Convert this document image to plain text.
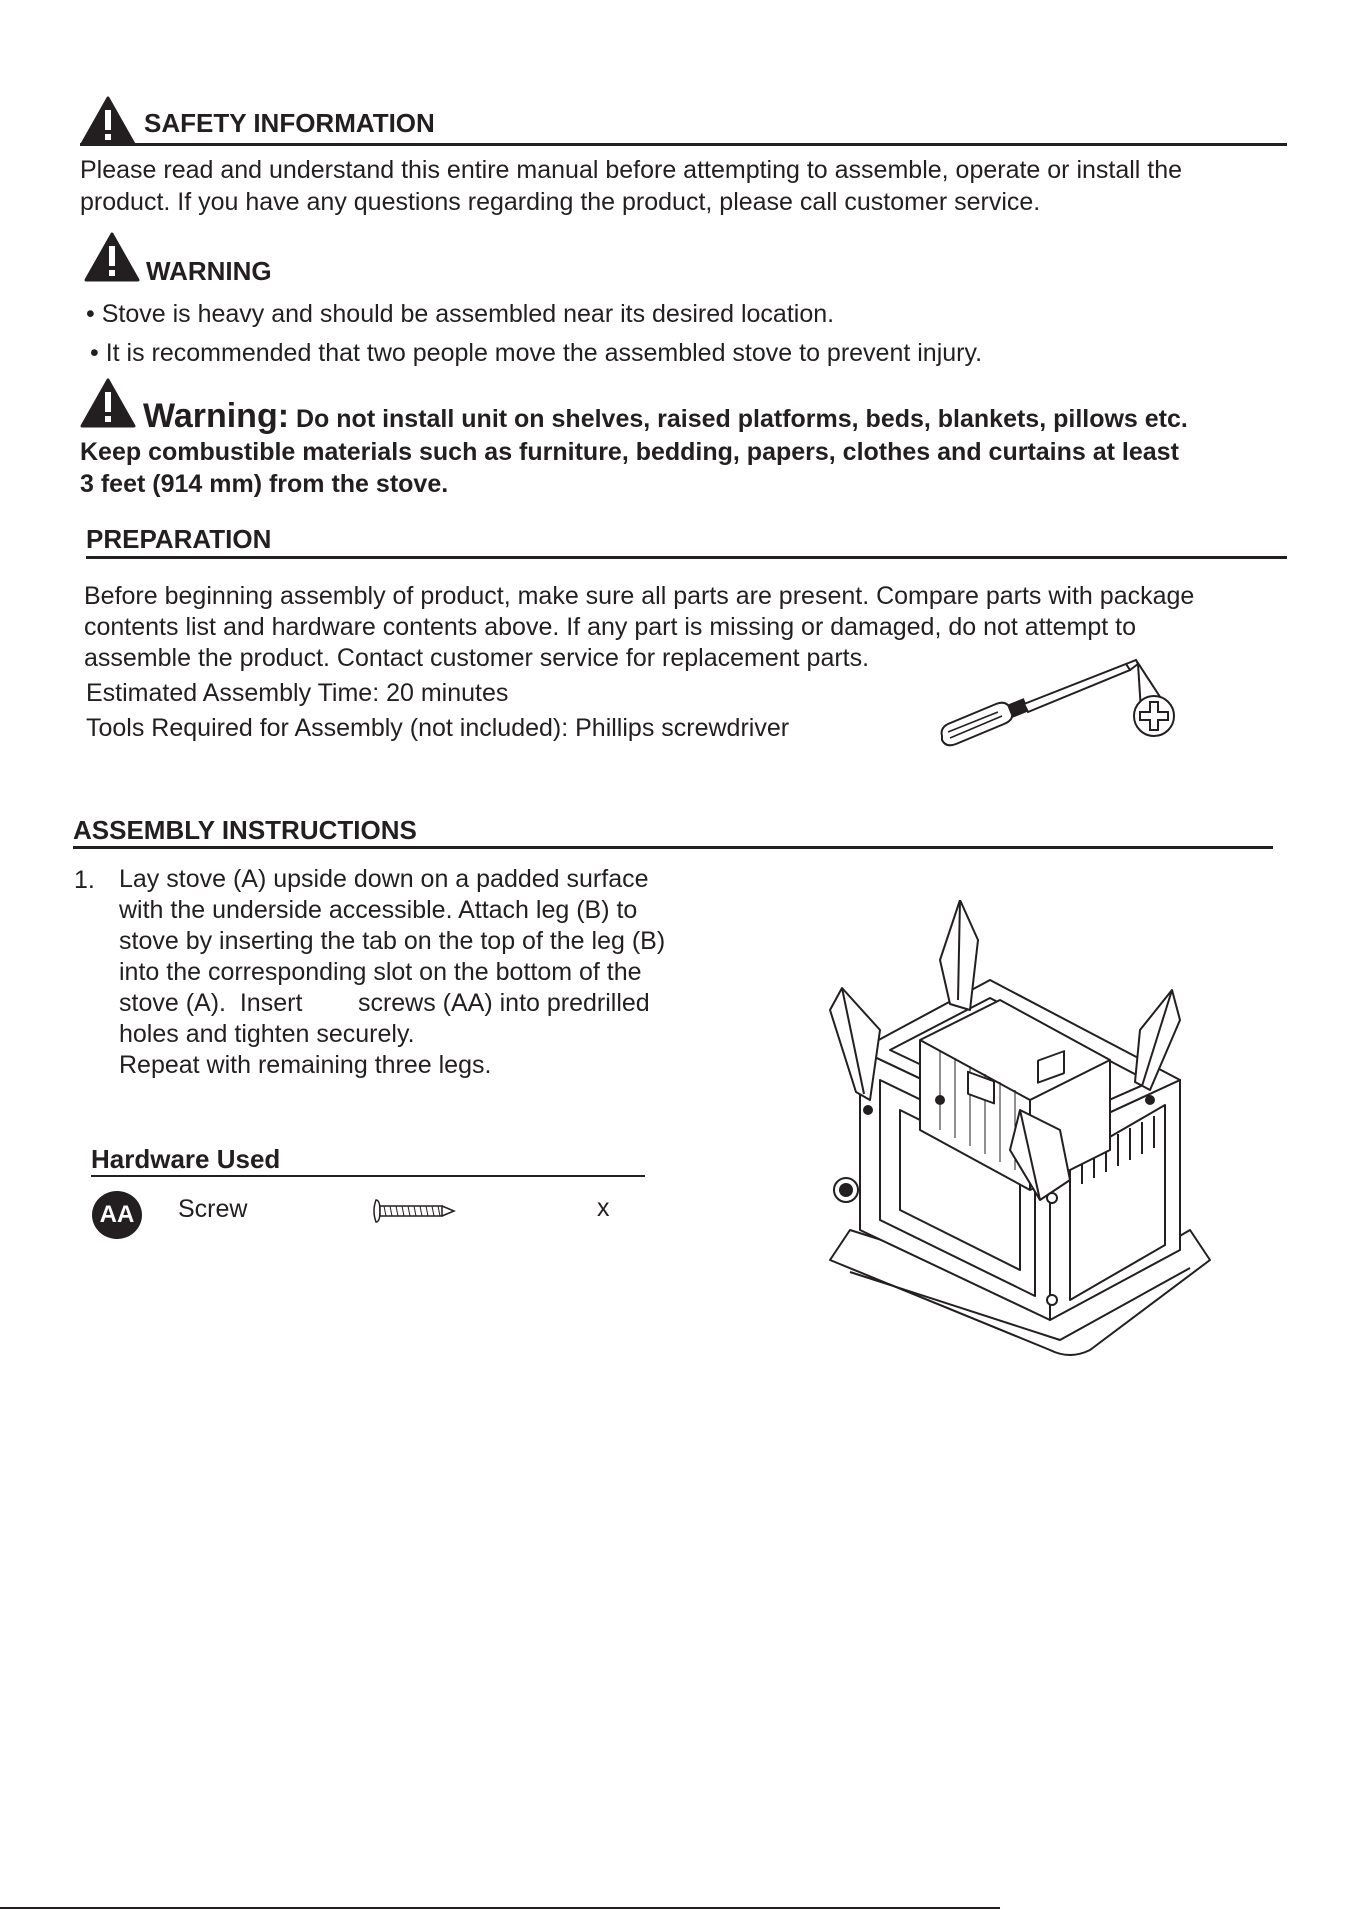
SAFETY INFORMATION
Please read and understand this entire manual before attempting to assemble, operate or install the
product. If you have any questions regarding the product, please call customer service.
WARNING
• Stove is heavy and should be assembled near its desired location.
• It is recommended that two people move the assembled stove to prevent injury.
Warning: Do not install unit on shelves, raised platforms, beds, blankets, pillows etc.
Keep combustible materials such as furniture, bedding, papers, clothes and curtains at least
3 feet (914 mm) from the stove.
PREPARATION
Before beginning assembly of product, make sure all parts are present. Compare parts with package
contents list and hardware contents above. If any part is missing or damaged, do not attempt to
assemble the product. Contact customer service for replacement parts.
Estimated Assembly Time: 20 minutes
Tools Required for Assembly (not included): Phillips screwdriver
ASSEMBLY INSTRUCTIONS
1. Lay stove (A) upside down on a padded surface
with the underside accessible. Attach leg (B) to
stove by inserting the tab on the top of the leg (B)
into the corresponding slot on the bottom of the
stove (A).  Insert        screws (AA) into predrilled
holes and tighten securely.
Repeat with remaining three legs.
Hardware Used
AA Screw	x
